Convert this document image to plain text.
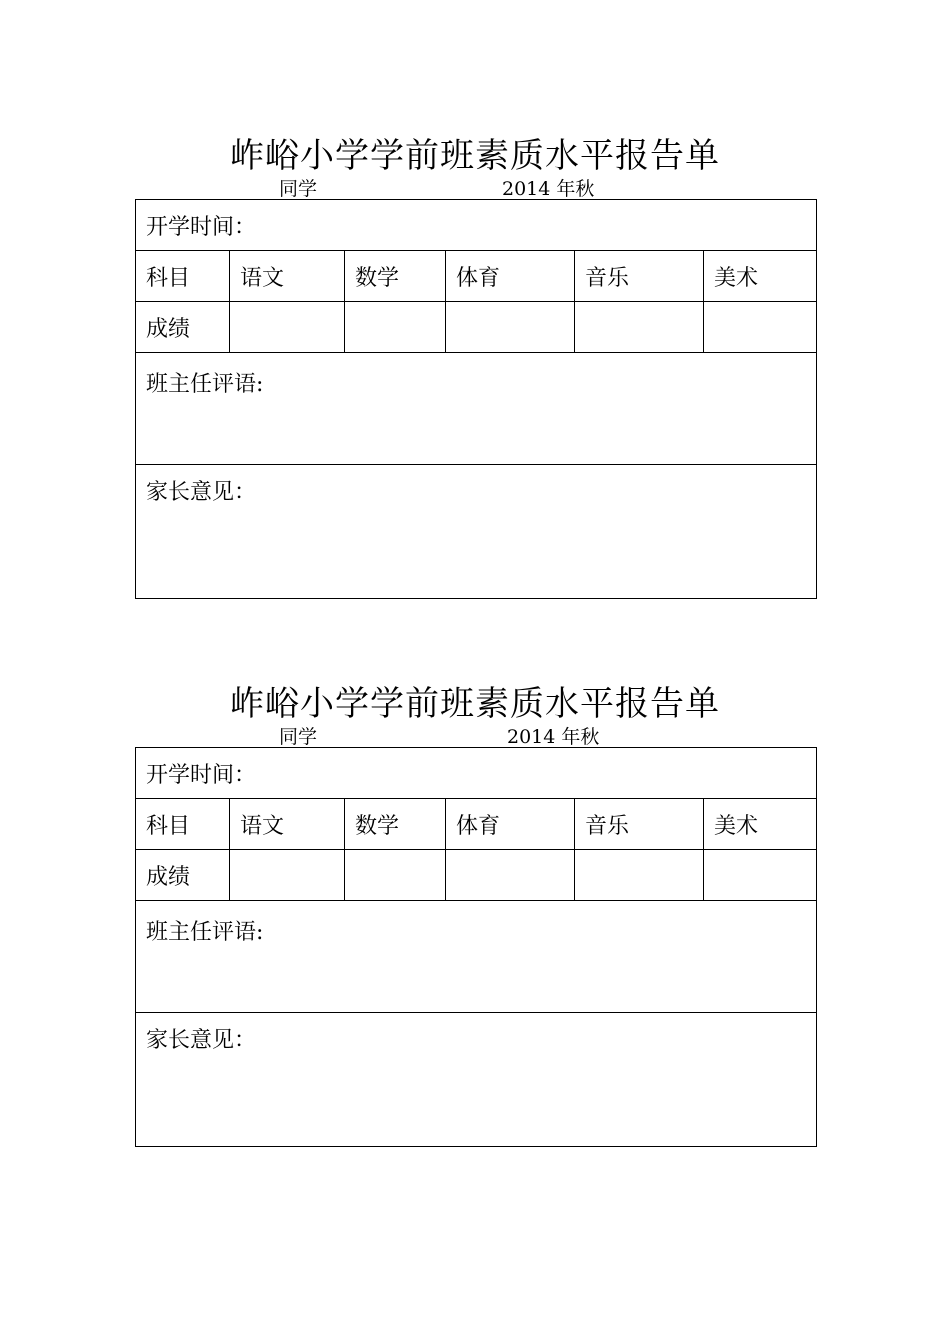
岞峪小学学前班素质水平报告单
同学	2014 年秋
开学时间：					
科目	语文	数学	体育	音乐	美术
成绩					
班主任评语:					
家长意见：					
岞峪小学学前班素质水平报告单
同学	2014 年秋
开学时间：					
科目	语文	数学	体育	音乐	美术
成绩					
班主任评语:					
家长意见：					
